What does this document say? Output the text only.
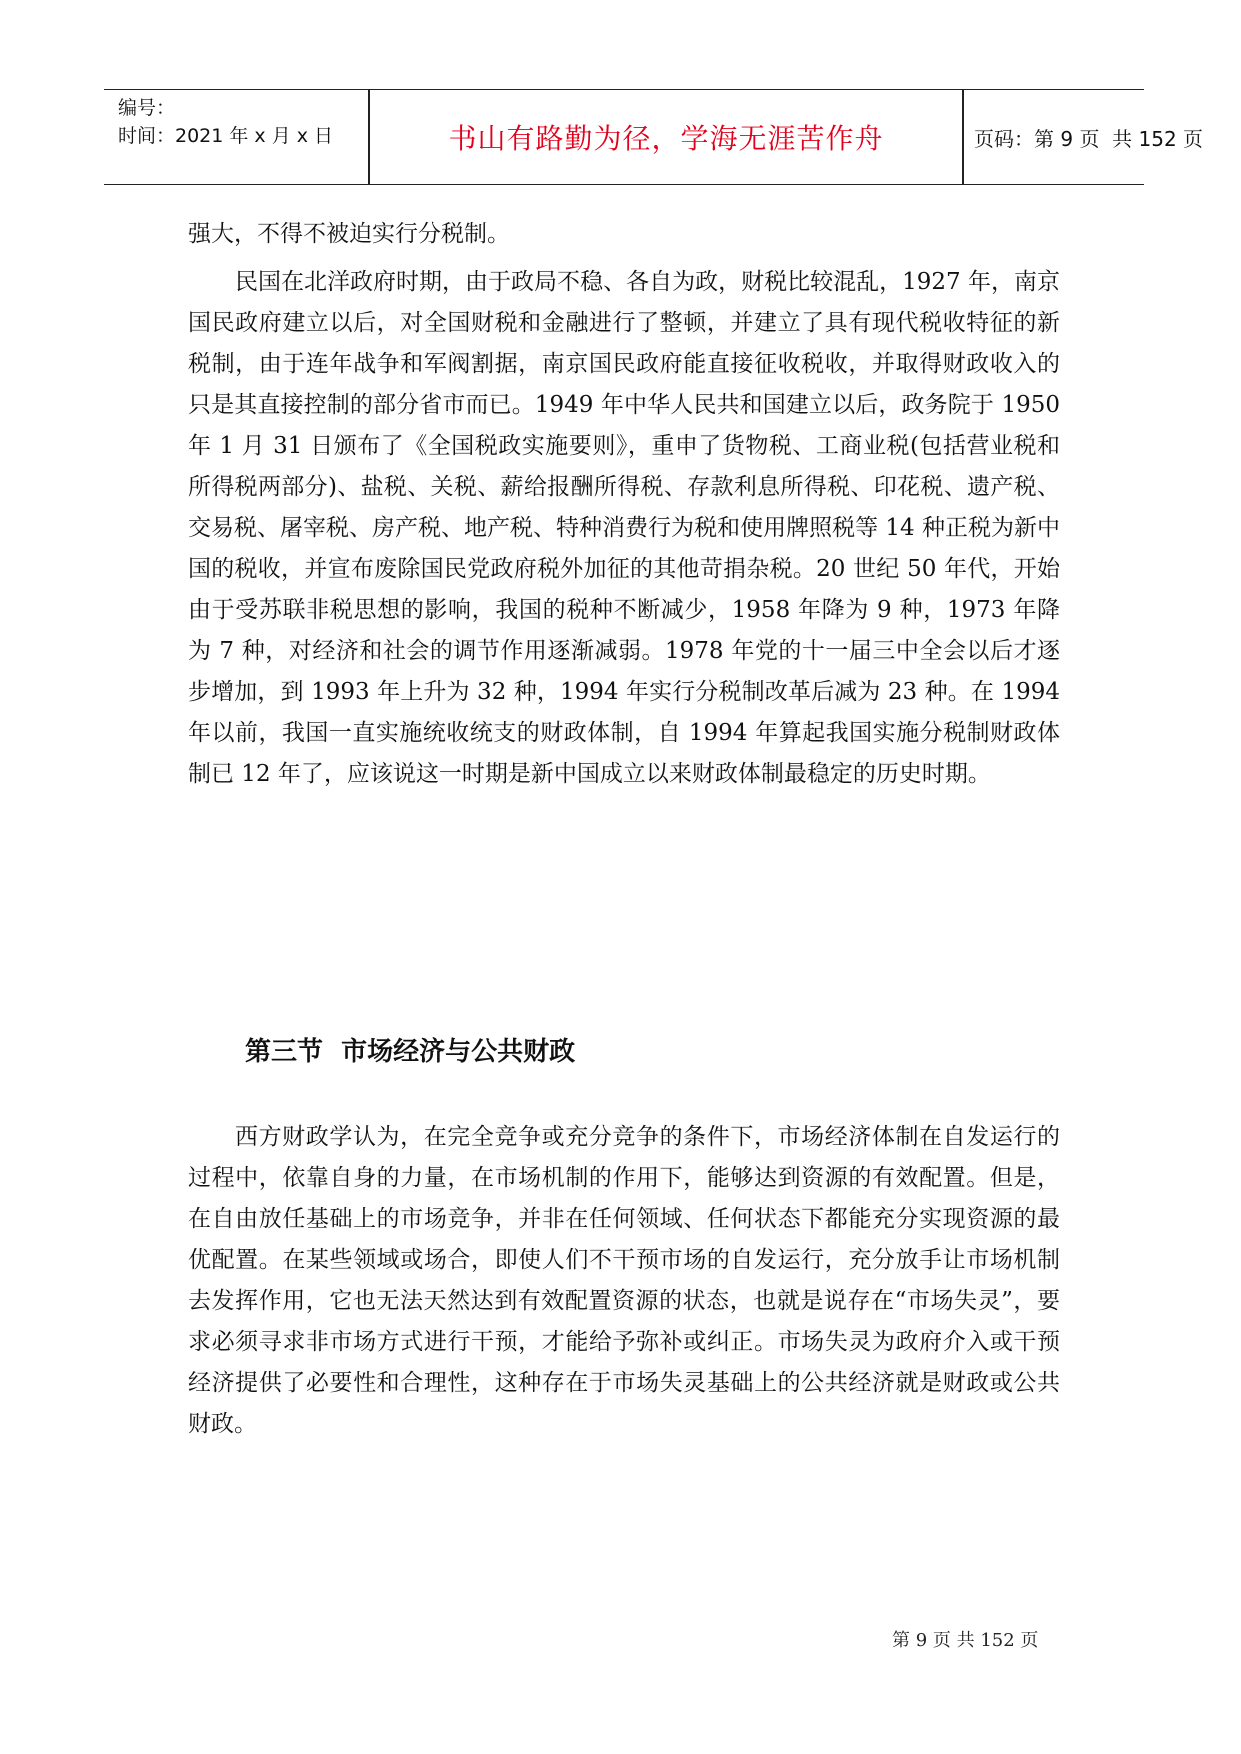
编号：
时间：2021 年 x 月 x 日	书山有路勤为径，学海无涯苦作舟	页码：第 9 页  共 152 页
强大，不得不被迫实行分税制。
民国在北洋政府时期，由于政局不稳、各自为政，财税比较混乱，1927 年，南京国民政府建立以后，对全国财税和金融进行了整顿，并建立了具有现代税收特征的新税制，由于连年战争和军阀割据，南京国民政府能直接征收税收，并取得财政收入的只是其直接控制的部分省市而已。1949 年中华人民共和国建立以后，政务院于 1950 年 1 月 31 日颁布了《全国税政实施要则》，重申了货物税、工商业税(包括营业税和所得税两部分)、盐税、关税、薪给报酬所得税、存款利息所得税、印花税、遗产税、交易税、屠宰税、房产税、地产税、特种消费行为税和使用牌照税等 14 种正税为新中国的税收，并宣布废除国民党政府税外加征的其他苛捐杂税。20 世纪 50 年代，开始由于受苏联非税思想的影响，我国的税种不断减少，1958 年降为 9 种，1973 年降为 7 种，对经济和社会的调节作用逐渐减弱。1978 年党的十一届三中全会以后才逐步增加，到 1993 年上升为 32 种，1994 年实行分税制改革后减为 23 种。在 1994 年以前，我国一直实施统收统支的财政体制，自 1994 年算起我国实施分税制财政体制已 12 年了，应该说这一时期是新中国成立以来财政体制最稳定的历史时期。
第三节  市场经济与公共财政
西方财政学认为，在完全竞争或充分竞争的条件下，市场经济体制在自发运行的过程中，依靠自身的力量，在市场机制的作用下，能够达到资源的有效配置。但是，在自由放任基础上的市场竞争，并非在任何领域、任何状态下都能充分实现资源的最优配置。在某些领域或场合，即使人们不干预市场的自发运行，充分放手让市场机制去发挥作用，它也无法天然达到有效配置资源的状态，也就是说存在“市场失灵”，要求必须寻求非市场方式进行干预，才能给予弥补或纠正。市场失灵为政府介入或干预经济提供了必要性和合理性，这种存在于市场失灵基础上的公共经济就是财政或公共财政。
第 9 页 共 152 页
